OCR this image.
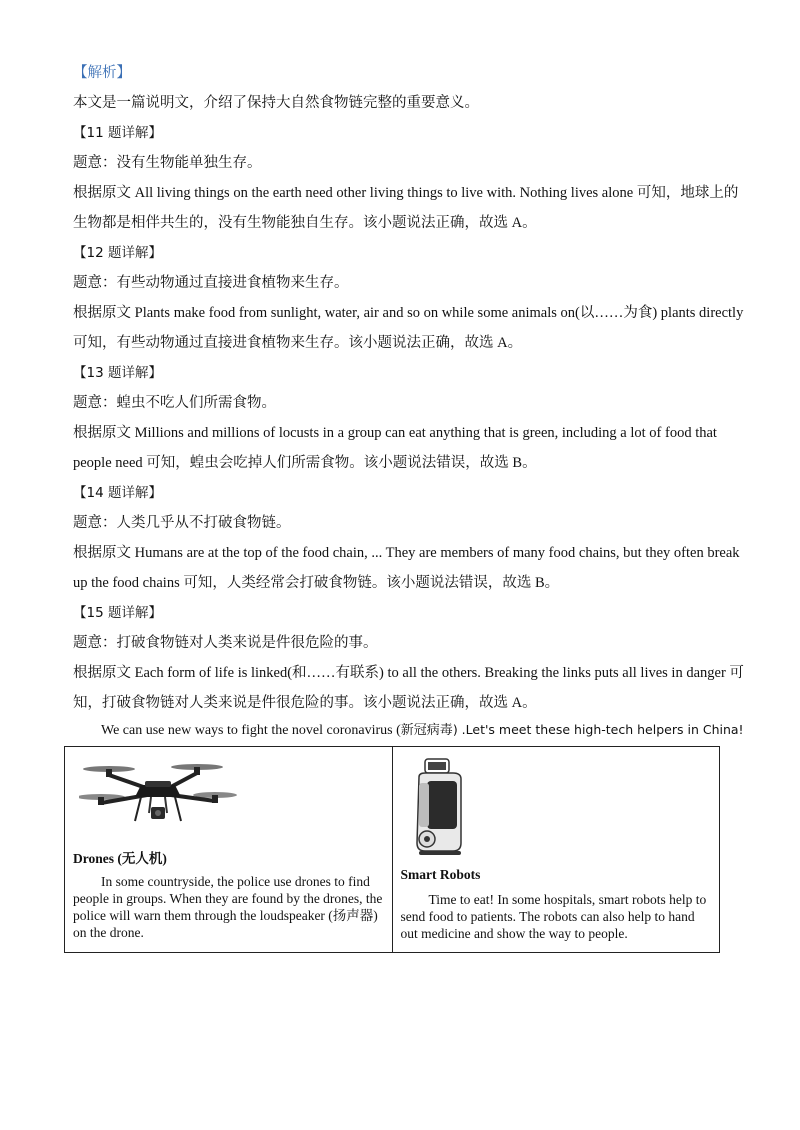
【解析】
本文是一篇说明文，介绍了保持大自然食物链完整的重要意义。
【11 题详解】
题意：没有生物能单独生存。
根据原文 All living things on the earth need other living things to live with. Nothing lives alone 可知，地球上的
生物都是相伴共生的，没有生物能独自生存。该小题说法正确，故选 A。
【12 题详解】
题意：有些动物通过直接进食植物来生存。
根据原文 Plants make food from sunlight, water, air and so on while some animals on(以……为食) plants directly
可知，有些动物通过直接进食植物来生存。该小题说法正确，故选 A。
【13 题详解】
题意：蝗虫不吃人们所需食物。
根据原文 Millions and millions of locusts in a group can eat anything that is green, including a lot of food that
people need 可知，蝗虫会吃掉人们所需食物。该小题说法错误，故选 B。
【14 题详解】
题意：人类几乎从不打破食物链。
根据原文 Humans are at the top of the food chain, ... They are members of many food chains, but they often break
up the food chains 可知，人类经常会打破食物链。该小题说法错误，故选 B。
【15 题详解】
题意：打破食物链对人类来说是件很危险的事。
根据原文 Each form of life is linked(和……有联系) to all the others. Breaking the links puts all lives in danger 可
知，打破食物链对人类来说是件很危险的事。该小题说法正确，故选 A。
We can use new ways to fight the novel coronavirus (新冠病毒) .Let's meet these high-tech helpers in China!
Drones (无人机)
In some countryside, the police use drones to find people in groups. When they are found by the drones, the police will warn them through the loudspeaker (扬声器) on the drone.

Smart Robots
Time to eat! In some hospitals, smart robots help to send food to patients. The robots can also help to hand out medicine and show the way to people.
